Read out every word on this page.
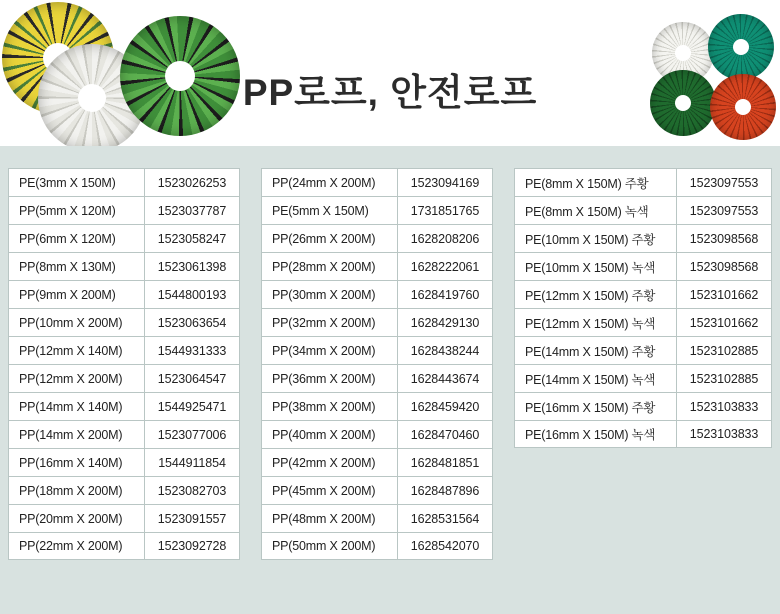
PP로프, 안전로프
PE(3mm X 150M)	1523026253
PP(5mm X 120M)	1523037787
PP(6mm X 120M)	1523058247
PP(8mm X 130M)	1523061398
PP(9mm X 200M)	1544800193
PP(10mm X 200M)	1523063654
PP(12mm X 140M)	1544931333
PP(12mm X 200M)	1523064547
PP(14mm X 140M)	1544925471
PP(14mm X 200M)	1523077006
PP(16mm X 140M)	1544911854
PP(18mm X 200M)	1523082703
PP(20mm X 200M)	1523091557
PP(22mm X 200M)	1523092728
PP(24mm X 200M)	1523094169
PE(5mm X 150M)	1731851765
PP(26mm X 200M)	1628208206
PP(28mm X 200M)	1628222061
PP(30mm X 200M)	1628419760
PP(32mm X 200M)	1628429130
PP(34mm X 200M)	1628438244
PP(36mm X 200M)	1628443674
PP(38mm X 200M)	1628459420
PP(40mm X 200M)	1628470460
PP(42mm X 200M)	1628481851
PP(45mm X 200M)	1628487896
PP(48mm X 200M)	1628531564
PP(50mm X 200M)	1628542070
PE(8mm X 150M) 주황	1523097553
PE(8mm X 150M) 녹색	1523097553
PE(10mm X 150M) 주황	1523098568
PE(10mm X 150M) 녹색	1523098568
PE(12mm X 150M) 주황	1523101662
PE(12mm X 150M) 녹색	1523101662
PE(14mm X 150M) 주황	1523102885
PE(14mm X 150M) 녹색	1523102885
PE(16mm X 150M) 주황	1523103833
PE(16mm X 150M) 녹색	1523103833
